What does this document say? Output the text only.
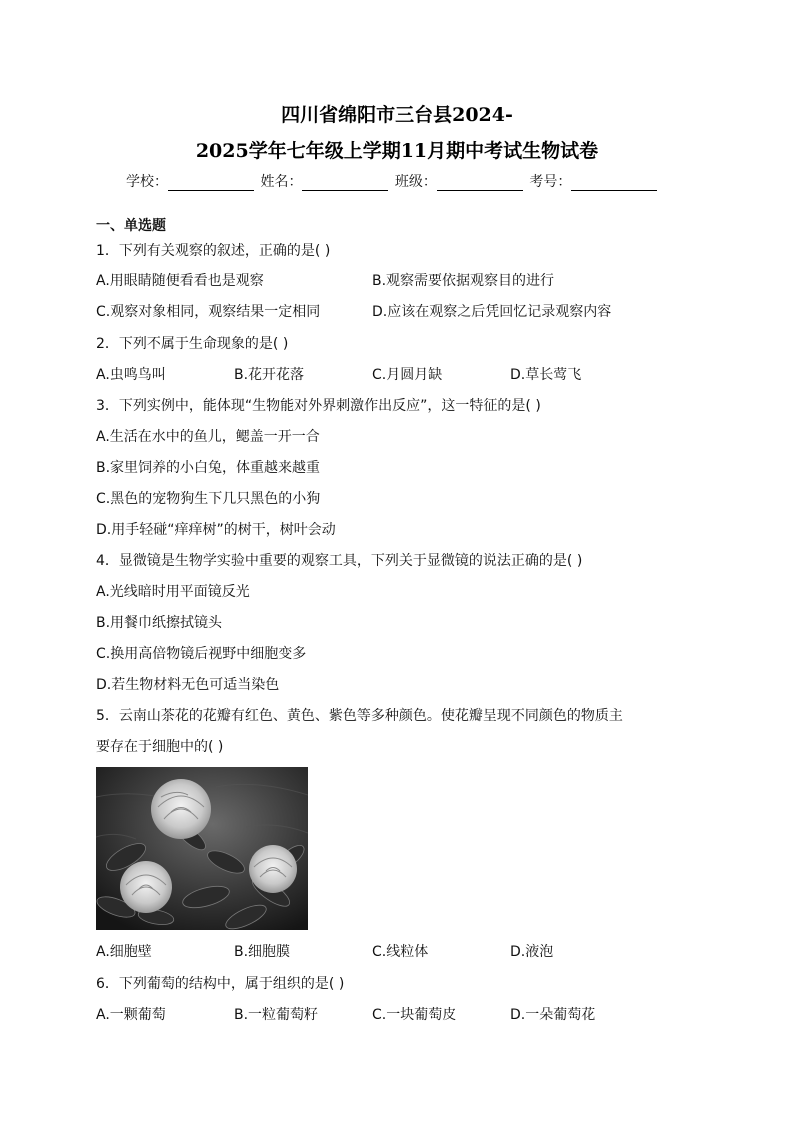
四川省绵阳市三台县2024-
2025学年七年级上学期11月期中考试生物试卷
学校：	姓名：	班级：	考号：
一、单选题
1．下列有关观察的叙述，正确的是( )
A.用眼睛随便看看也是观察	B.观察需要依据观察目的进行
C.观察对象相同，观察结果一定相同	D.应该在观察之后凭回忆记录观察内容
2．下列不属于生命现象的是( )
A.虫鸣鸟叫	B.花开花落	C.月圆月缺	D.草长莺飞
3．下列实例中，能体现“生物能对外界刺激作出反应”，这一特征的是( )
A.生活在水中的鱼儿，鳃盖一开一合
B.家里饲养的小白兔，体重越来越重
C.黑色的宠物狗生下几只黑色的小狗
D.用手轻碰“痒痒树”的树干，树叶会动
4．显微镜是生物学实验中重要的观察工具，下列关于显微镜的说法正确的是( )
A.光线暗时用平面镜反光
B.用餐巾纸擦拭镜头
C.换用高倍物镜后视野中细胞变多
D.若生物材料无色可适当染色
5．云南山茶花的花瓣有红色、黄色、紫色等多种颜色。使花瓣呈现不同颜色的物质主
要存在于细胞中的( )
A.细胞壁	B.细胞膜	C.线粒体	D.液泡
6．下列葡萄的结构中，属于组织的是( )
A.一颗葡萄	B.一粒葡萄籽	C.一块葡萄皮	D.一朵葡萄花
